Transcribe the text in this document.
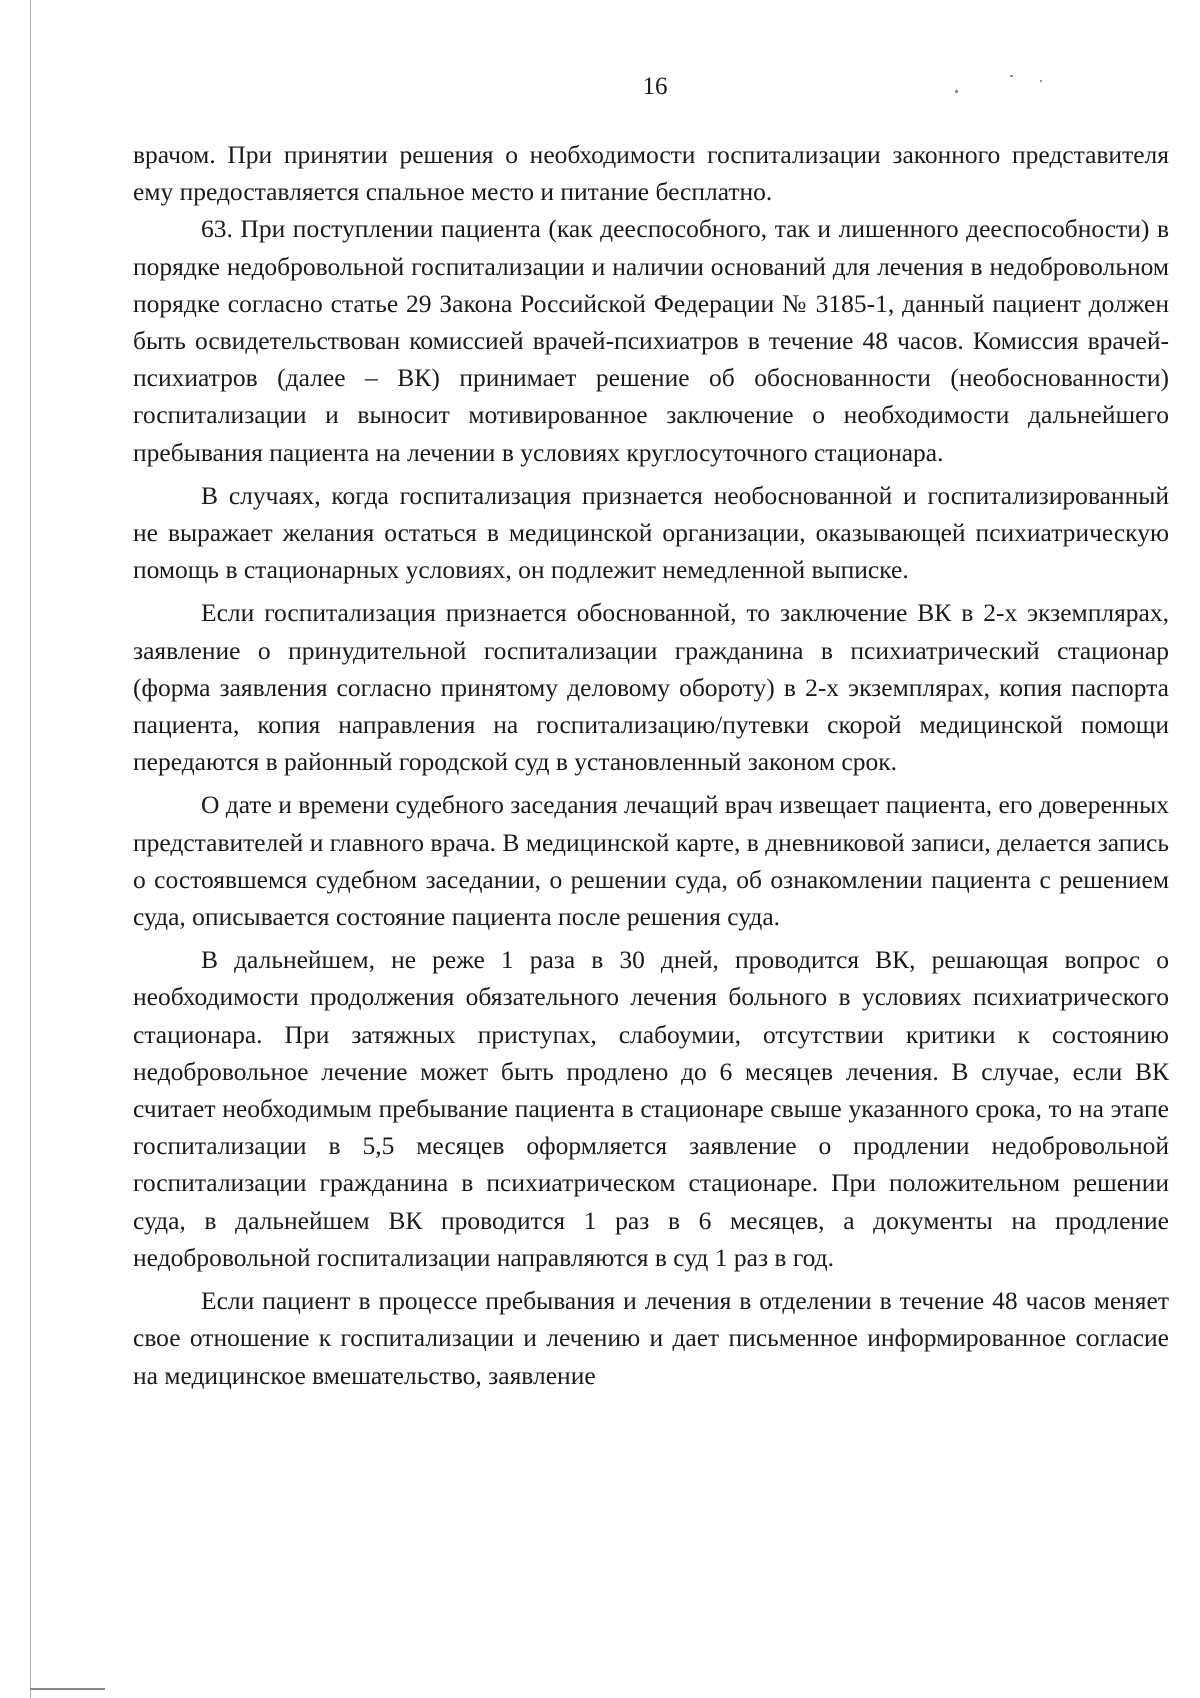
16

врачом. При принятии решения о необходимости госпитализации законного представителя ему предоставляется спальное место и питание бесплатно.

63. При поступлении пациента (как дееспособного, так и лишенного дееспособности) в порядке недобровольной госпитализации и наличии оснований для лечения в недобровольном порядке согласно статье 29 Закона Российской Федерации № 3185-1, данный пациент должен быть освидетельствован комиссией врачей-психиатров в течение 48 часов. Комиссия врачей-психиатров (далее – ВК) принимает решение об обоснованности (необоснованности) госпитализации и выносит мотивированное заключение о необходимости дальнейшего пребывания пациента на лечении в условиях круглосуточного стационара.

В случаях, когда госпитализация признается необоснованной и госпитализированный не выражает желания остаться в медицинской организации, оказывающей психиатрическую помощь в стационарных условиях, он подлежит немедленной выписке.

Если госпитализация признается обоснованной, то заключение ВК в 2-х экземплярах, заявление о принудительной госпитализации гражданина в психиатрический стационар (форма заявления согласно принятому деловому обороту) в 2-х экземплярах, копия паспорта пациента, копия направления на госпитализацию/путевки скорой медицинской помощи передаются в районный городской суд в установленный законом срок.

О дате и времени судебного заседания лечащий врач извещает пациента, его доверенных представителей и главного врача. В медицинской карте, в дневниковой записи, делается запись о состоявшемся судебном заседании, о решении суда, об ознакомлении пациента с решением суда, описывается состояние пациента после решения суда.

В дальнейшем, не реже 1 раза в 30 дней, проводится ВК, решающая вопрос о необходимости продолжения обязательного лечения больного в условиях психиатрического стационара. При затяжных приступах, слабоумии, отсутствии критики к состоянию недобровольное лечение может быть продлено до 6 месяцев лечения. В случае, если ВК считает необходимым пребывание пациента в стационаре свыше указанного срока, то на этапе госпитализации в 5,5 месяцев оформляется заявление о продлении недобровольной госпитализации гражданина в психиатрическом стационаре. При положительном решении суда, в дальнейшем ВК проводится 1 раз в 6 месяцев, а документы на продление недобровольной госпитализации направляются в суд 1 раз в год.

Если пациент в процессе пребывания и лечения в отделении в течение 48 часов меняет свое отношение к госпитализации и лечению и дает письменное информированное согласие на медицинское вмешательство, заявление
